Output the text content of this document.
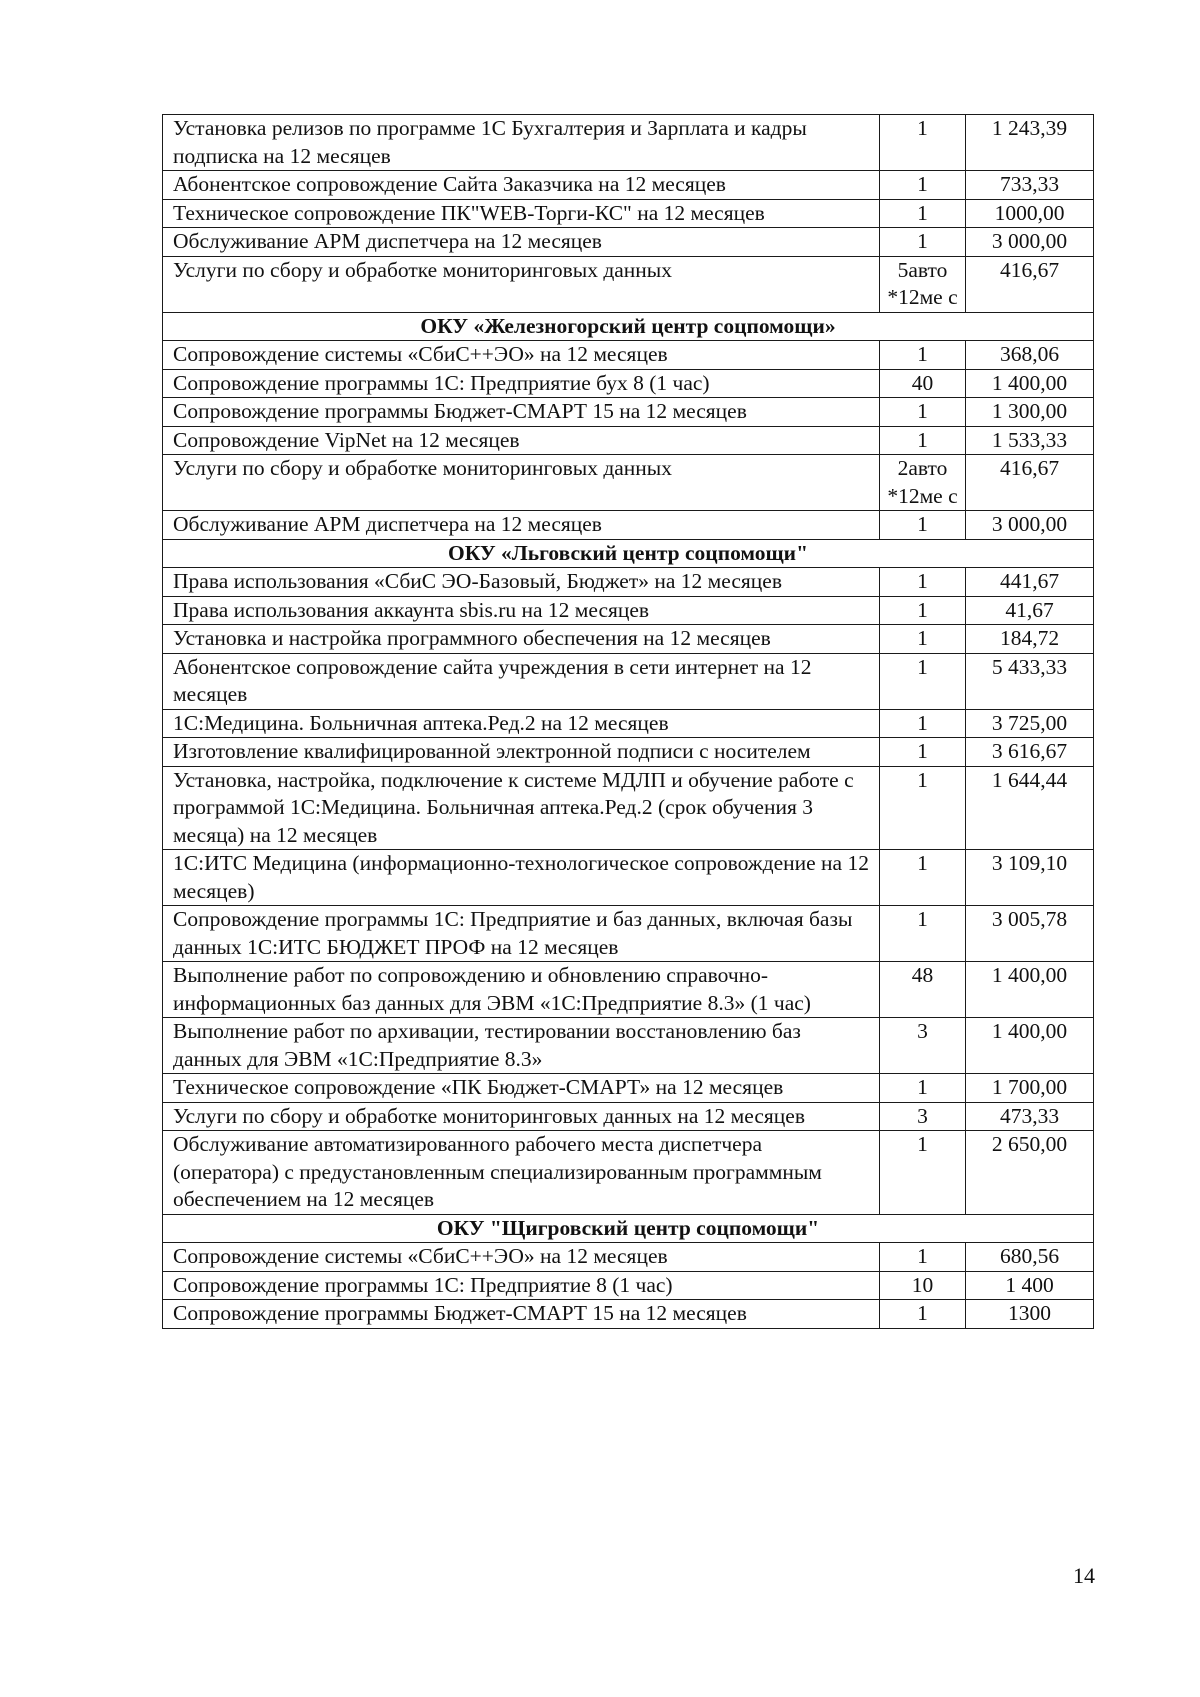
Установка релизов по программе 1С Бухгалтерия и Зарплата и кадры подписка на 12 месяцев	1	1 243,39
Абонентское сопровождение Сайта Заказчика на 12 месяцев	1	733,33
Техническое сопровождение ПК"WEB-Торги-КС" на 12 месяцев	1	1000,00
Обслуживание АРМ диспетчера на 12 месяцев	1	3 000,00
Услуги по сбору и обработке мониторинговых данных	5авто *12ме с	416,67
ОКУ «Железногорский центр соцпомощи»		
Сопровождение системы «СбиС++ЭО» на 12 месяцев	1	368,06
Сопровождение программы 1С: Предприятие бух 8 (1 час)	40	1 400,00
Сопровождение программы Бюджет-СМАРТ 15 на 12 месяцев	1	1 300,00
Сопровождение VipNet на 12 месяцев	1	1 533,33
Услуги по сбору и обработке мониторинговых данных	2авто *12ме с	416,67
Обслуживание АРМ диспетчера на 12 месяцев	1	3 000,00
ОКУ «Льговский центр соцпомощи"		
Права использования «СбиС ЭО-Базовый, Бюджет» на 12 месяцев	1	441,67
Права использования аккаунта sbis.ru на 12 месяцев	1	41,67
Установка и настройка программного обеспечения на 12 месяцев	1	184,72
Абонентское сопровождение сайта учреждения в сети интернет на 12 месяцев	1	5 433,33
1С:Медицина. Больничная аптека.Ред.2 на 12 месяцев	1	3 725,00
Изготовление квалифицированной электронной подписи с носителем	1	3 616,67
Установка, настройка, подключение к системе МДЛП и обучение работе с программой 1С:Медицина. Больничная аптека.Ред.2 (срок обучения 3 месяца) на 12 месяцев	1	1 644,44
1С:ИТС Медицина (информационно-технологическое сопровождение на 12 месяцев)	1	3 109,10
Сопровождение программы 1С: Предприятие и баз данных, включая базы данных 1С:ИТС БЮДЖЕТ ПРОФ на 12 месяцев	1	3 005,78
Выполнение работ по сопровождению и обновлению справочно-информационных баз данных для ЭВМ «1С:Предприятие 8.3» (1 час)	48	1 400,00
Выполнение работ по архивации, тестировании восстановлению баз данных для ЭВМ «1С:Предприятие 8.3»	3	1 400,00
Техническое сопровождение «ПК Бюджет-СМАРТ» на 12 месяцев	1	1 700,00
Услуги по сбору и обработке мониторинговых данных на 12 месяцев	3	473,33
Обслуживание автоматизированного рабочего места диспетчера (оператора) с предустановленным специализированным программным обеспечением на 12 месяцев	1	2 650,00
ОКУ "Щигровский центр соцпомощи"		
Сопровождение системы «СбиС++ЭО» на 12 месяцев	1	680,56
Сопровождение программы 1С: Предприятие 8 (1 час)	10	1 400
Сопровождение программы Бюджет-СМАРТ 15 на 12 месяцев	1	1300
14
